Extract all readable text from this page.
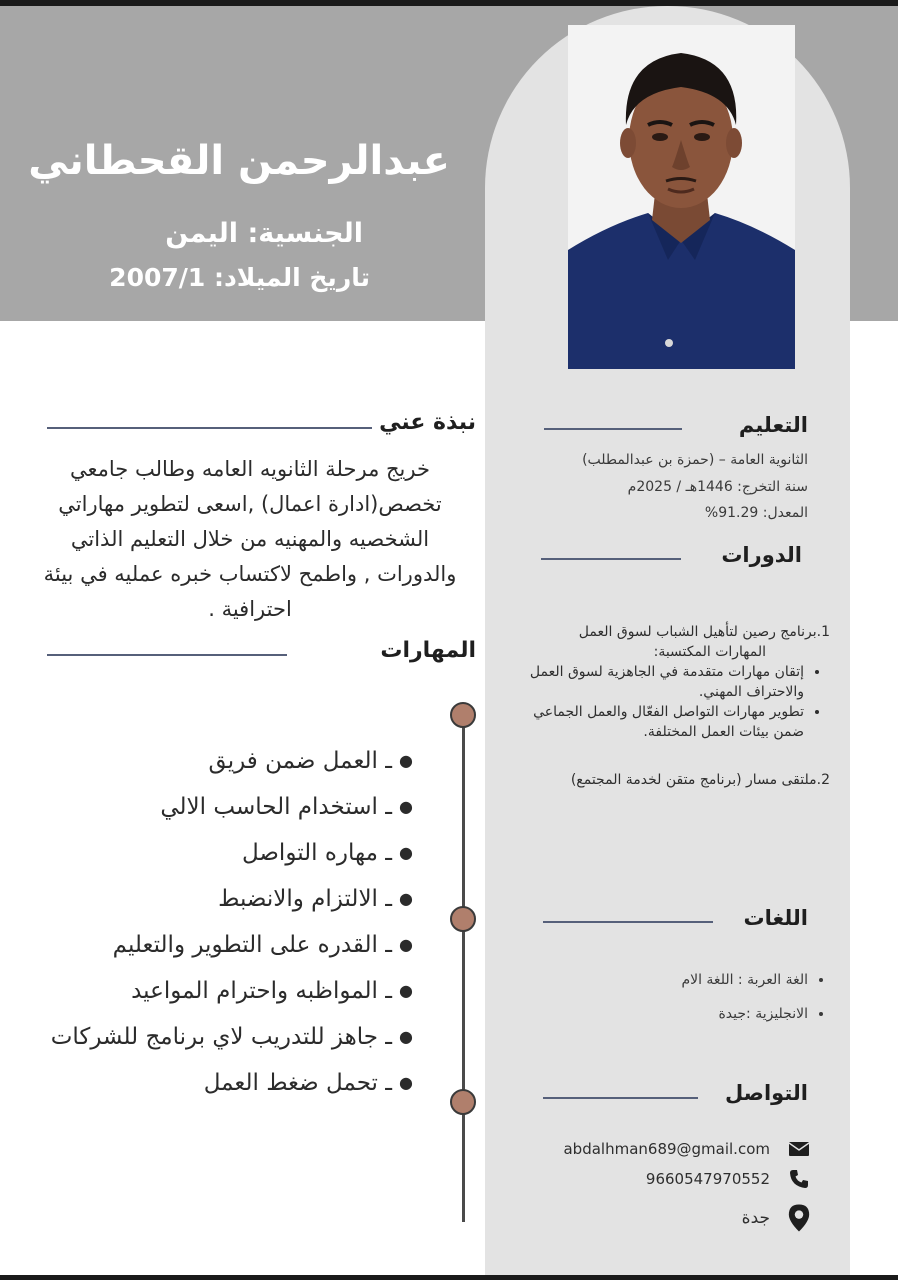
عبدالرحمن القحطاني
الجنسية: اليمن
تاريخ الميلاد: 2007/1
نبذة عني
خريج مرحلة الثانويه العامه وطالب جامعي تخصص(ادارة اعمال) ,اسعى لتطوير مهاراتي الشخصيه والمهنيه من خلال التعليم الذاتي والدورات , واطمح لاكتساب خبره عمليه في بيئة احترافية .
المهارات
●ـ العمل ضمن فريق
●ـ استخدام الحاسب الالي
●ـ مهاره التواصل
●ـ الالتزام والانضبط
●ـ القدره على التطوير والتعليم
●ـ المواظبه واحترام المواعيد
●ـ جاهز للتدريب لاي برنامج للشركات
●ـ تحمل ضغط العمل
التعليم
الثانوية العامة – (حمزة بن عبدالمطلب)
سنة التخرج: 1446هـ / 2025م
المعدل: 91.29%
الدورات
1.برنامج رصين لتأهيل الشباب لسوق العمل
المهارات المكتسبة:
• إتقان مهارات متقدمة في الجاهزية لسوق العمل والاحتراف المهني.
• تطوير مهارات التواصل الفعّال والعمل الجماعي ضمن بيئات العمل المختلفة.
2.ملتقى مسار (برنامج متقن لخدمة المجتمع)
اللغات
• الغة العربة : اللغة الام
• الانجليزية :جيدة
التواصل
abdalhman689@gmail.com
9660547970552
جدة
